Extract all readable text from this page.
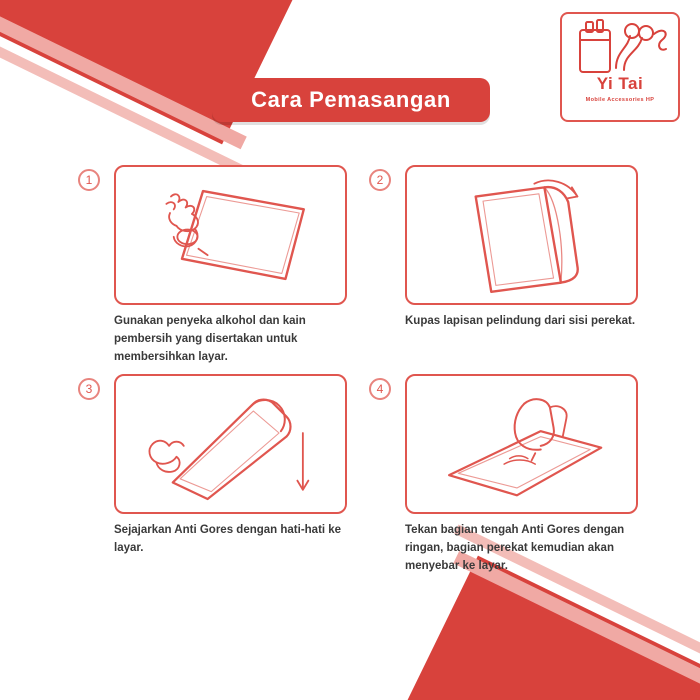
Yi Tai
Mobile Accessories HP
Cara Pemasangan
1
Gunakan penyeka alkohol dan kain pembersih yang disertakan untuk membersihkan layar.
2
Kupas lapisan pelindung dari sisi perekat.
3
Sejajarkan Anti Gores dengan hati-hati ke layar.
4
Tekan bagian tengah Anti Gores dengan ringan, bagian perekat kemudian akan menyebar ke layar.
